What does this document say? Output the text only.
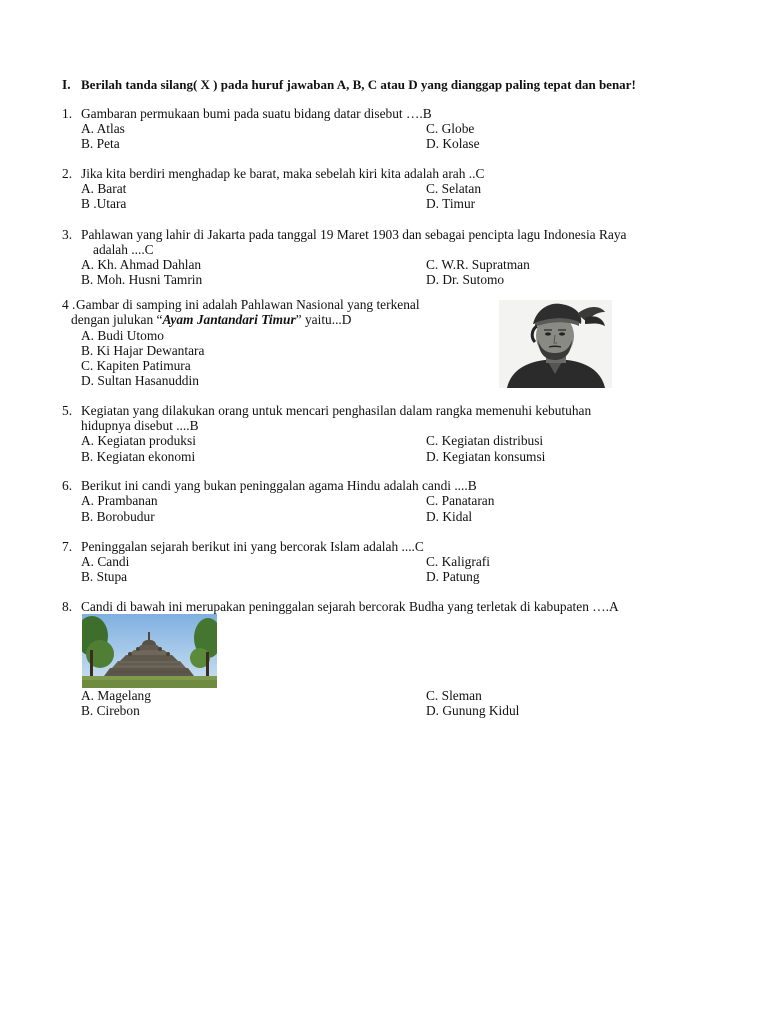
I. Berilah tanda silang( X ) pada huruf jawaban A, B, C atau D yang dianggap paling tepat dan benar!
1. Gambaran permukaan bumi pada suatu bidang datar disebut ….B
A. Atlas	C. Globe
B. Peta	D. Kolase
2. Jika kita berdiri menghadap ke barat, maka sebelah kiri kita adalah arah ..C
A. Barat	C. Selatan
B .Utara	D. Timur
3. Pahlawan yang lahir di Jakarta pada tanggal 19 Maret 1903 dan sebagai pencipta lagu Indonesia Raya
adalah ....C
A. Kh. Ahmad Dahlan	C. W.R. Supratman
B. Moh. Husni Tamrin	D. Dr. Sutomo
4 . Gambar di samping ini adalah Pahlawan Nasional yang terkenal
dengan julukan “Ayam Jantandari Timur” yaitu...D
A. Budi Utomo
B. Ki Hajar Dewantara
C. Kapiten Patimura
D. Sultan Hasanuddin
5. Kegiatan yang dilakukan orang untuk mencari penghasilan dalam rangka memenuhi kebutuhan
hidupnya disebut ....B
A. Kegiatan produksi	C. Kegiatan distribusi
B. Kegiatan ekonomi	D. Kegiatan konsumsi
6. Berikut ini candi yang bukan peninggalan agama Hindu adalah candi ....B
A. Prambanan	C. Panataran
B. Borobudur	D. Kidal
7. Peninggalan sejarah berikut ini yang bercorak Islam adalah ....C
A. Candi	C. Kaligrafi
B. Stupa	D. Patung
8. Candi di bawah ini merupakan peninggalan sejarah bercorak Budha yang terletak di kabupaten ….A
A. Magelang	C. Sleman
B. Cirebon	D. Gunung Kidul
